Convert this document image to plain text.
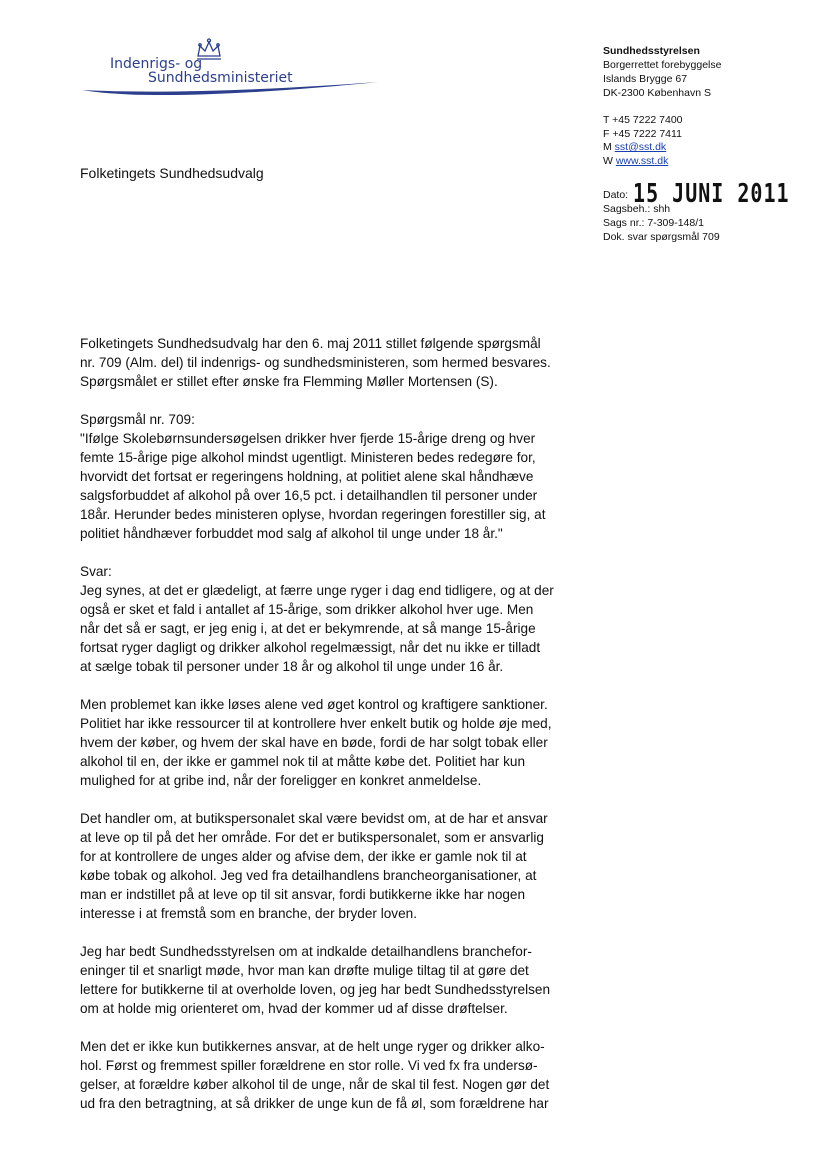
Indenrigs- og
Sundhedsministeriet
Sundhedsstyrelsen
Borgerrettet forebyggelse
Islands Brygge 67
DK-2300 København S
T +45 7222 7400
F +45 7222 7411
M sst@sst.dk
W www.sst.dk
Dato: 15 JUNI 2011
Sagsbeh.: shh
Sags nr.: 7-309-148/1
Dok. svar spørgsmål 709
Folketingets Sundhedsudvalg

Folketingets Sundhedsudvalg har den 6. maj 2011 stillet følgende spørgsmål
nr. 709 (Alm. del) til indenrigs- og sundhedsministeren, som hermed besvares.
Spørgsmålet er stillet efter ønske fra Flemming Møller Mortensen (S).

Spørgsmål nr. 709:
"Ifølge Skolebørnsundersøgelsen drikker hver fjerde 15-årige dreng og hver
femte 15-årige pige alkohol mindst ugentligt. Ministeren bedes redegøre for,
hvorvidt det fortsat er regeringens holdning, at politiet alene skal håndhæve
salgsforbuddet af alkohol på over 16,5 pct. i detailhandlen til personer under
18år. Herunder bedes ministeren oplyse, hvordan regeringen forestiller sig, at
politiet håndhæver forbuddet mod salg af alkohol til unge under 18 år."

Svar:
Jeg synes, at det er glædeligt, at færre unge ryger i dag end tidligere, og at der
også er sket et fald i antallet af 15-årige, som drikker alkohol hver uge. Men
når det så er sagt, er jeg enig i, at det er bekymrende, at så mange 15-årige
fortsat ryger dagligt og drikker alkohol regelmæssigt, når det nu ikke er tilladt
at sælge tobak til personer under 18 år og alkohol til unge under 16 år.

Men problemet kan ikke løses alene ved øget kontrol og kraftigere sanktioner.
Politiet har ikke ressourcer til at kontrollere hver enkelt butik og holde øje med,
hvem der køber, og hvem der skal have en bøde, fordi de har solgt tobak eller
alkohol til en, der ikke er gammel nok til at måtte købe det. Politiet har kun
mulighed for at gribe ind, når der foreligger en konkret anmeldelse.

Det handler om, at butikspersonalet skal være bevidst om, at de har et ansvar
at leve op til på det her område. For det er butikspersonalet, som er ansvarlig
for at kontrollere de unges alder og afvise dem, der ikke er gamle nok til at
købe tobak og alkohol. Jeg ved fra detailhandlens brancheorganisationer, at
man er indstillet på at leve op til sit ansvar, fordi butikkerne ikke har nogen
interesse i at fremstå som en branche, der bryder loven.

Jeg har bedt Sundhedsstyrelsen om at indkalde detailhandlens branchefor-
eninger til et snarligt møde, hvor man kan drøfte mulige tiltag til at gøre det
lettere for butikkerne til at overholde loven, og jeg har bedt Sundhedsstyrelsen
om at holde mig orienteret om, hvad der kommer ud af disse drøftelser.

Men det er ikke kun butikkernes ansvar, at de helt unge ryger og drikker alko-
hol. Først og fremmest spiller forældrene en stor rolle. Vi ved fx fra undersø-
gelser, at forældre køber alkohol til de unge, når de skal til fest. Nogen gør det
ud fra den betragtning, at så drikker de unge kun de få øl, som forældrene har
